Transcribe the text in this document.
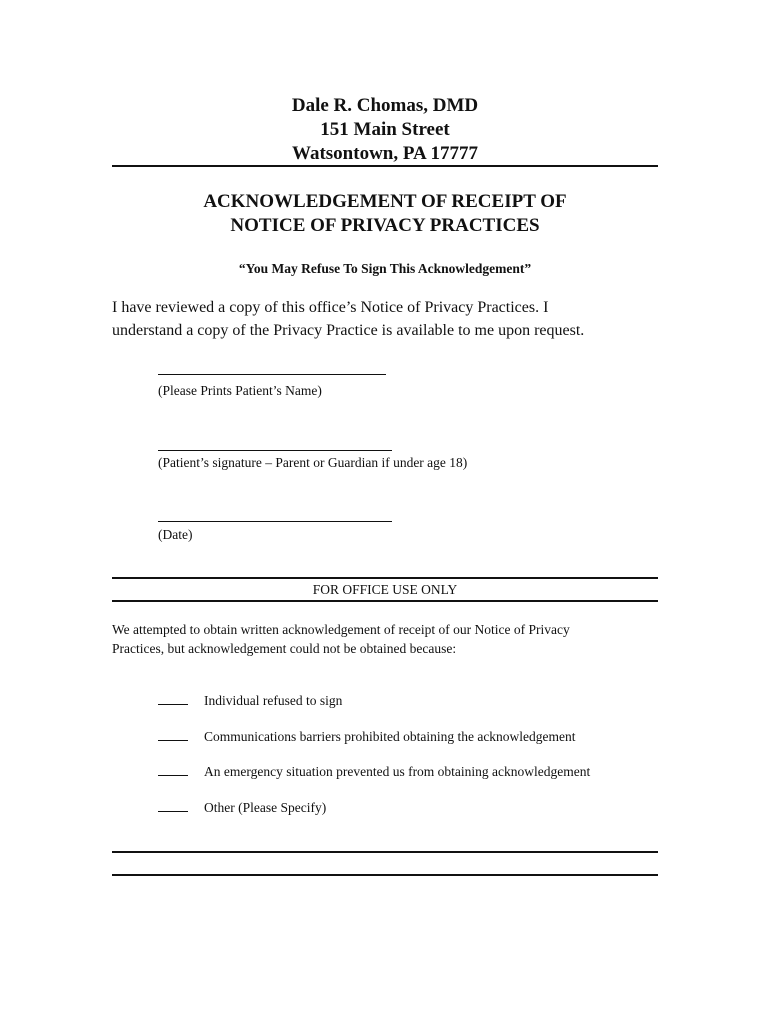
Dale R. Chomas, DMD
151 Main Street
Watsontown, PA 17777
ACKNOWLEDGEMENT OF RECEIPT OF
NOTICE OF PRIVACY PRACTICES
“You May Refuse To Sign This Acknowledgement”
I have reviewed a copy of this office’s Notice of Privacy Practices. I
understand a copy of the Privacy Practice is available to me upon request.
(Please Prints Patient’s Name)
(Patient’s signature – Parent or Guardian if under age 18)
(Date)
FOR OFFICE USE ONLY
We attempted to obtain written acknowledgement of receipt of our Notice of Privacy
Practices, but acknowledgement could not be obtained because:
Individual refused to sign
Communications barriers prohibited obtaining the acknowledgement
An emergency situation prevented us from obtaining acknowledgement
Other (Please Specify)
